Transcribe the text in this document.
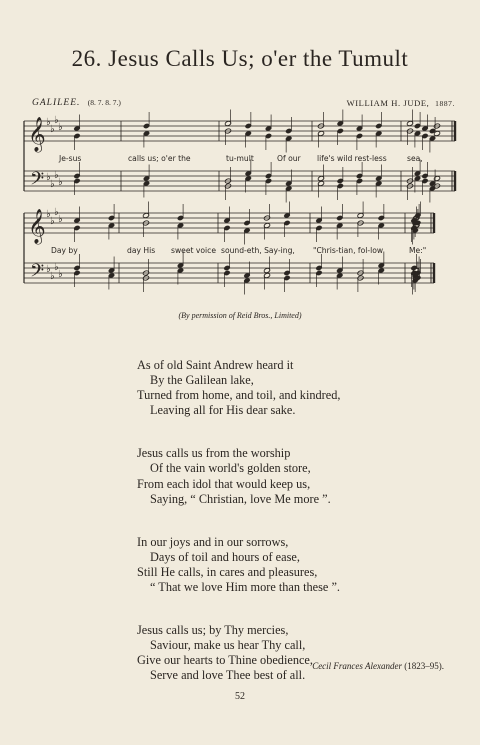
26. Jesus Calls Us; o'er the Tumult
GALILEE. (8. 7. 8. 7.)	WILLIAM H. JUDE, 1887.
𝄞
𝄢
♭
♭
♭
♭
♭
♭
♭
♭
𝄞
𝄢
♭
♭
♭
♭
♭
♭
♭
♭
Je-sus	calls us; o'er the	tu-mult	Of our life's wild rest-less	sea,
Day by	day His sweet voice sound-eth, Say-ing, "Chris-tian, fol-low	Me:"
(By permission of Reid Bros., Limited)
As of old Saint Andrew heard it
By the Galilean lake,
Turned from home, and toil, and kindred,
Leaving all for His dear sake.
Jesus calls us from the worship
Of the vain world's golden store,
From each idol that would keep us,
Saying, “ Christian, love Me more ”.
In our joys and in our sorrows,
Days of toil and hours of ease,
Still He calls, in cares and pleasures,
“ That we love Him more than these ”.
Jesus calls us; by Thy mercies,
Saviour, make us hear Thy call,
Give our hearts to Thine obedience,
Serve and love Thee best of all.
Cecil Frances Alexander (1823–95).
52
